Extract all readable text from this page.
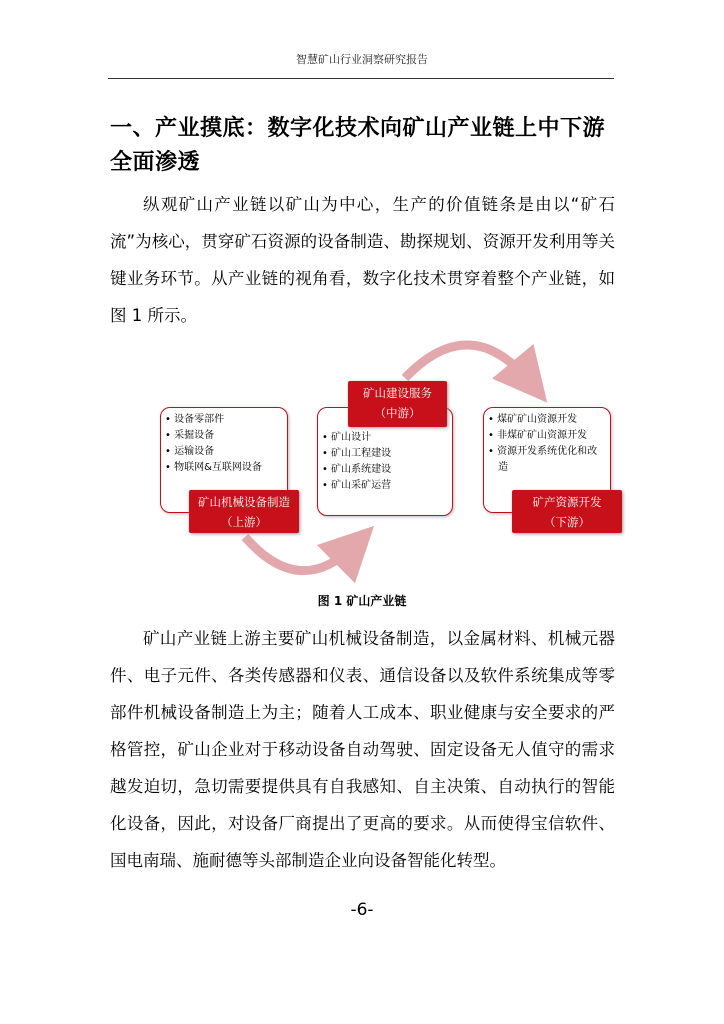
智慧矿山行业洞察研究报告
一、产业摸底：数字化技术向矿山产业链上中下游全面渗透
纵观矿山产业链以矿山为中心，生产的价值链条是由以“矿石流”为核心，贯穿矿石资源的设备制造、勘探规划、资源开发利用等关键业务环节。从产业链的视角看，数字化技术贯穿着整个产业链，如图 1 所示。
• 设备零部件
• 采掘设备
• 运输设备
• 物联网&互联网设备
矿山机械设备制造
（上游）
• 矿山设计
• 矿山工程建设
• 矿山系统建设
• 矿山采矿运营
矿山建设服务
（中游）	• 煤矿矿山资源开发
• 非煤矿矿山资源开发
• 资源开发系统优化和改造
矿产资源开发
（下游）
图 1 矿山产业链
矿山产业链上游主要矿山机械设备制造，以金属材料、机械元器件、电子元件、各类传感器和仪表、通信设备以及软件系统集成等零部件机械设备制造上为主；随着人工成本、职业健康与安全要求的严格管控，矿山企业对于移动设备自动驾驶、固定设备无人值守的需求越发迫切，急切需要提供具有自我感知、自主决策、自动执行的智能化设备，因此，对设备厂商提出了更高的要求。从而使得宝信软件、国电南瑞、施耐德等头部制造企业向设备智能化转型。
-6-
